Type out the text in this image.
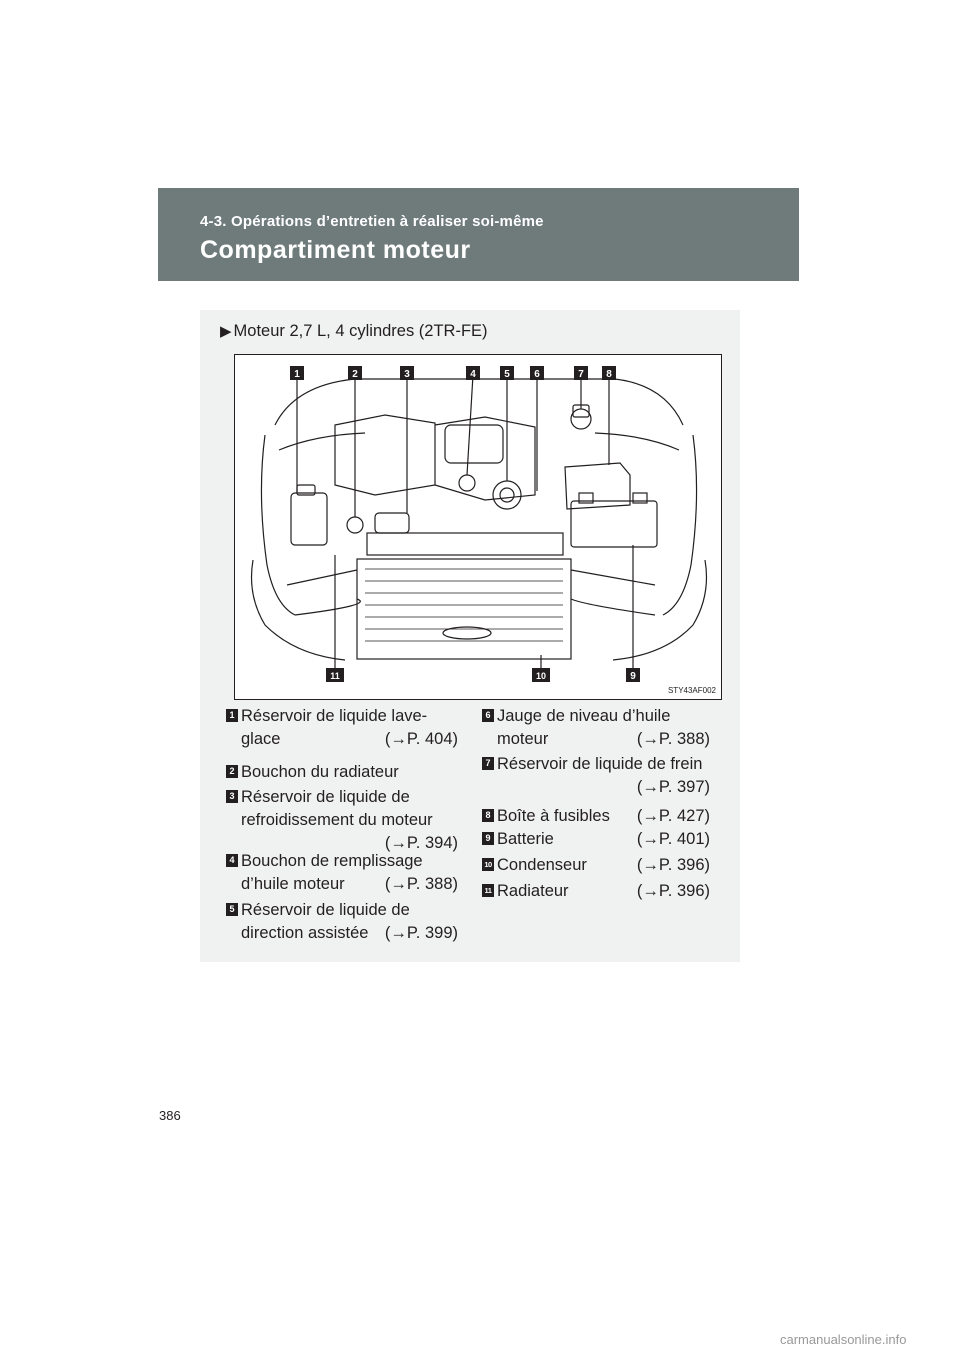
4-3. Opérations d’entretien à réaliser soi-même
Compartiment moteur
▶ Moteur 2,7 L, 4 cylindres (2TR-FE)
1	2	3	4	5 6	7 8
9
10
11
STY43AF002
1 Réservoir de liquide lave-
glace	(→P. 404)
2 Bouchon du radiateur
3 Réservoir de liquide de
refroidissement du moteur
(→P. 394)
4 Bouchon de remplissage
d’huile moteur (→P. 388)
5 Réservoir de liquide de
direction assistée (→P. 399)
6 Jauge de niveau d’huile
moteur	(→P. 388)
7 Réservoir de liquide de frein
(→P. 397)
8 Boîte à fusibles (→P. 427)
9 Batterie	(→P. 401)
10 Condenseur	(→P. 396)
11 Radiateur	(→P. 396)
386
carmanualsonline.info
